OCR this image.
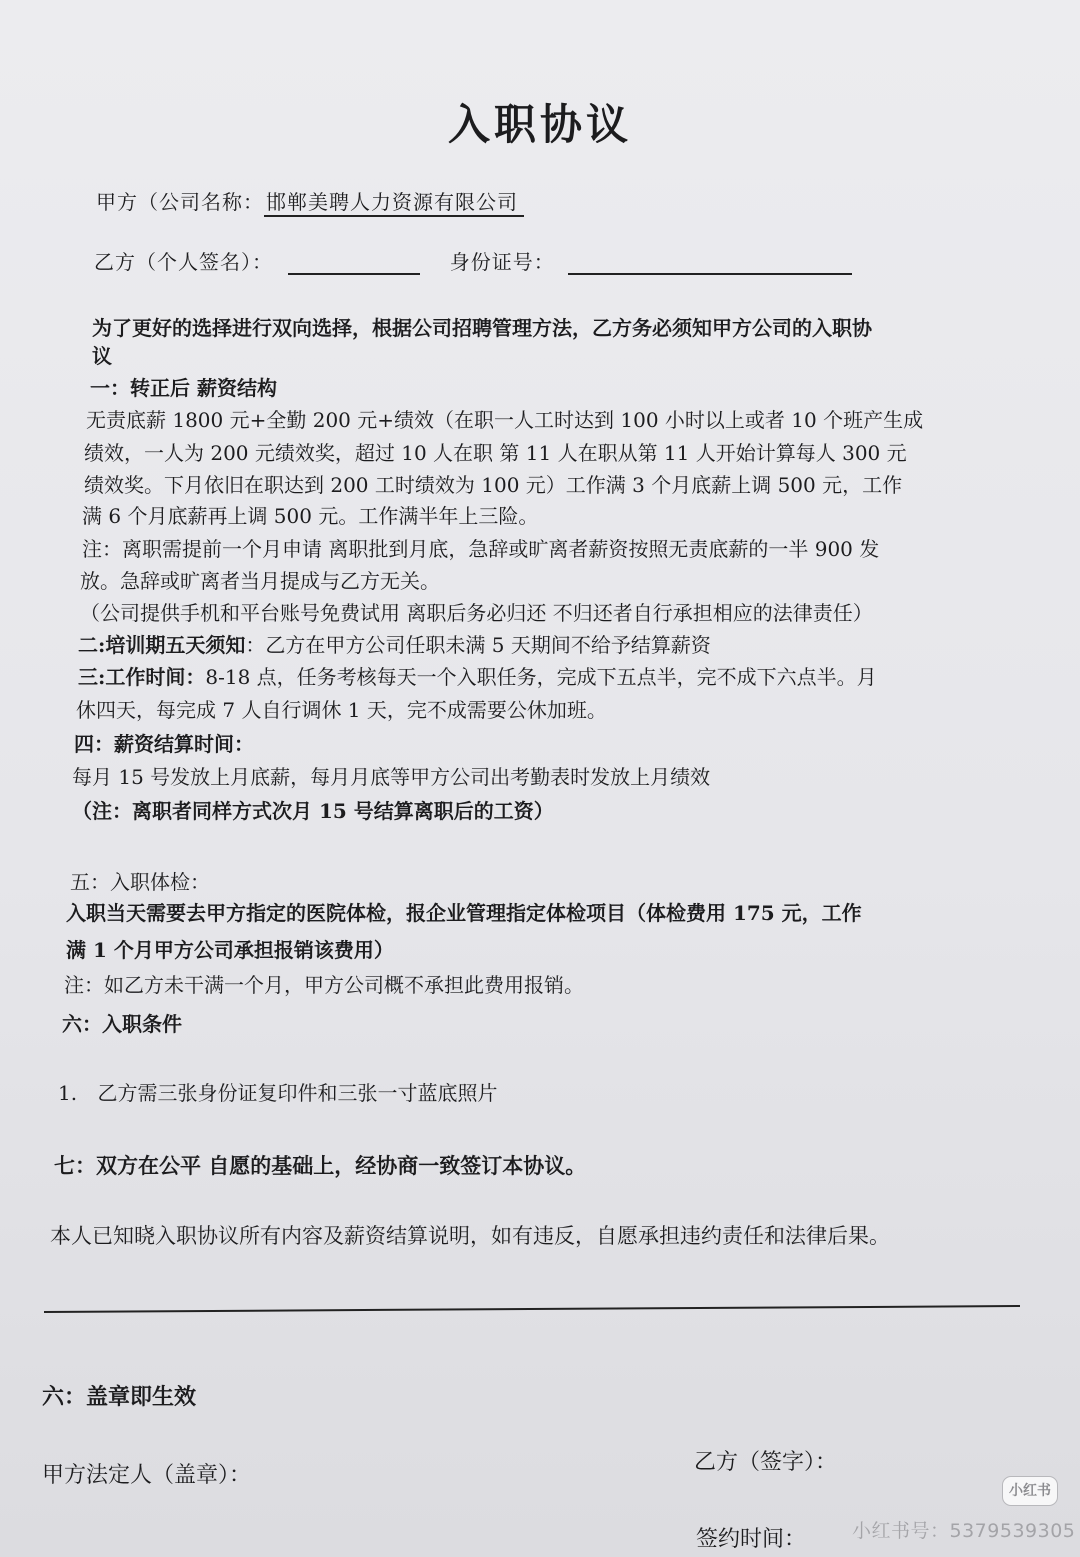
入职协议
甲方（公司名称： 邯郸美聘人力资源有限公司
乙方（个人签名）：	身份证号：
为了更好的选择进行双向选择，根据公司招聘管理方法，乙方务必须知甲方公司的入职协
议
一：转正后 薪资结构
无责底薪 1800 元+全勤 200 元+绩效（在职一人工时达到 100 小时以上或者 10 个班产生成
绩效，一人为 200 元绩效奖，超过 10 人在职 第 11 人在职从第 11 人开始计算每人 300 元
绩效奖。下月依旧在职达到 200 工时绩效为 100 元）工作满 3 个月底薪上调 500 元，工作
满 6 个月底薪再上调 500 元。工作满半年上三险。
注：离职需提前一个月申请 离职批到月底，急辞或旷离者薪资按照无责底薪的一半 900 发
放。急辞或旷离者当月提成与乙方无关。
（公司提供手机和平台账号免费试用 离职后务必归还 不归还者自行承担相应的法律责任）
二:培训期五天须知：乙方在甲方公司任职未满 5 天期间不给予结算薪资
三:工作时间：8-18 点，任务考核每天一个入职任务，完成下五点半，完不成下六点半。月
休四天，每完成 7 人自行调休 1 天，完不成需要公休加班。
四：薪资结算时间：
每月 15 号发放上月底薪，每月月底等甲方公司出考勤表时发放上月绩效
（注：离职者同样方式次月 15 号结算离职后的工资）
五：入职体检：
入职当天需要去甲方指定的医院体检，报企业管理指定体检项目（体检费用 175 元，工作
满 1 个月甲方公司承担报销该费用）
注：如乙方未干满一个月，甲方公司概不承担此费用报销。
六：入职条件
1. 乙方需三张身份证复印件和三张一寸蓝底照片
七：双方在公平 自愿的基础上，经协商一致签订本协议。
本人已知晓入职协议所有内容及薪资结算说明，如有违反，自愿承担违约责任和法律后果。
六：盖章即生效
甲方法定人（盖章）：
乙方（签字）：
签约时间：
小红书
小红书号：5379539305
